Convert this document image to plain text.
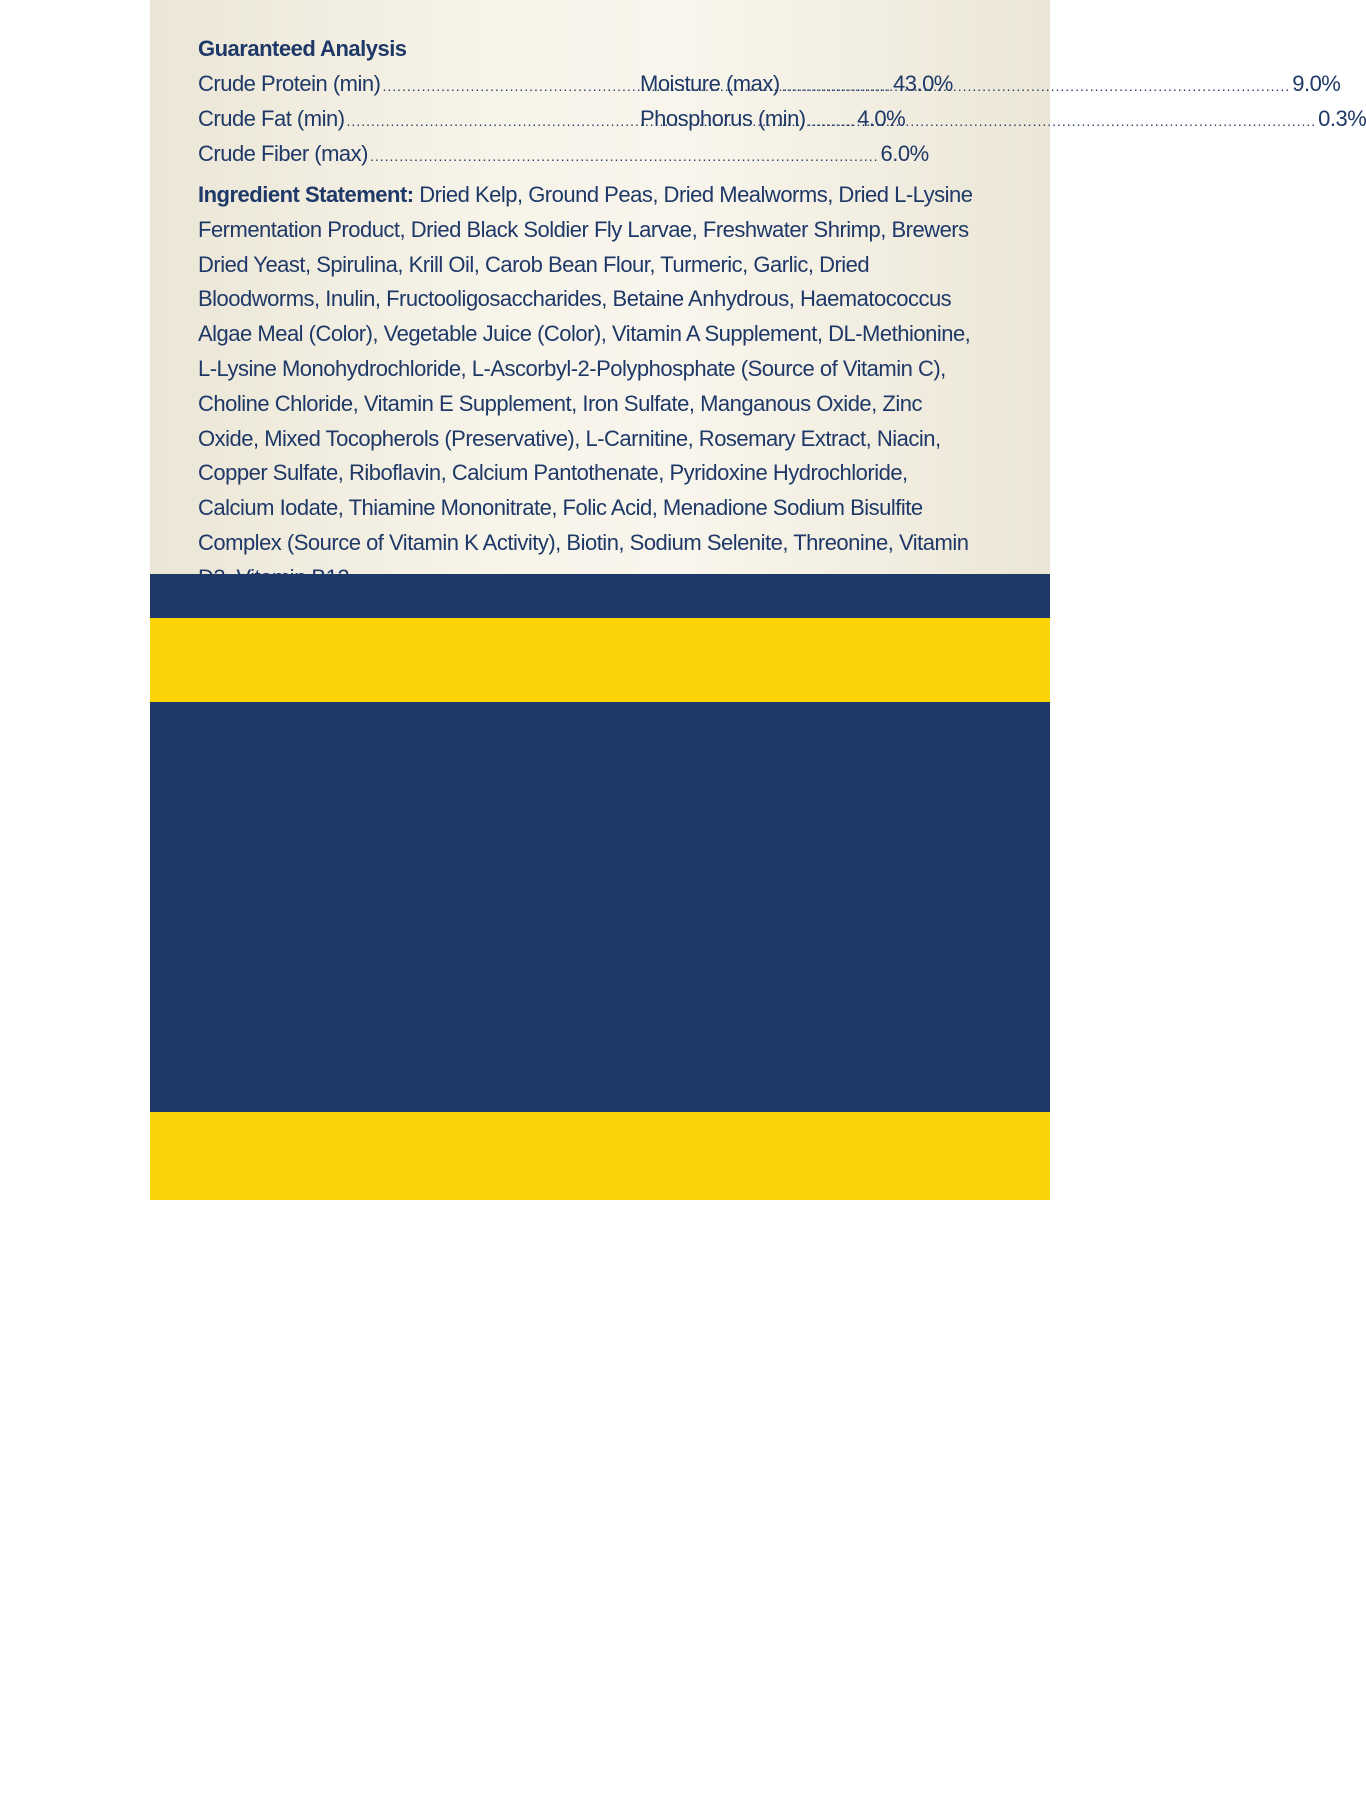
Guaranteed Analysis
Crude Protein (min) .....	43.0%
Crude Fat (min) .....	4.0%
Crude Fiber (max) .....	6.0%
Moisture (max) .....	9.0%
Phosphorus (min) .....	0.3%

Ingredient Statement: Dried Kelp, Ground Peas, Dried Mealworms, Dried L-Lysine Fermentation Product, Dried Black Soldier Fly Larvae, Freshwater Shrimp, Brewers Dried Yeast, Spirulina, Krill Oil, Carob Bean Flour, Turmeric, Garlic, Dried Bloodworms, Inulin, Fructooligosaccharides, Betaine Anhydrous, Haematococcus Algae Meal (Color), Vegetable Juice (Color), Vitamin A Supplement, DL-Methionine, L-Lysine Monohydrochloride, L-Ascorbyl-2-Polyphosphate (Source of Vitamin C), Choline Chloride, Vitamin E Supplement, Iron Sulfate, Manganous Oxide, Zinc Oxide, Mixed Tocopherols (Preservative), L-Carnitine, Rosemary Extract, Niacin, Copper Sulfate, Riboflavin, Calcium Pantothenate, Pyridoxine Hydrochloride, Calcium Iodate, Thiamine Mononitrate, Folic Acid, Menadione Sodium Bisulfite Complex (Source of Vitamin K Activity), Biotin, Sodium Selenite, Threonine, Vitamin

Satisfaction Guarantee:
Visit aqueon.com for details.
Distributed by Central Aquatics
(Division of Central Garden & Pet Company)
5401 W Oakwood Park Dr., Franklin, WI 53132
888-255-4572
Aqueon, It’s all about the fish, and Nutrinsect are
trademarks of Central Garden & Pet Company
© 2022 Central Garden & Pet Company
Made in Czech Republic
